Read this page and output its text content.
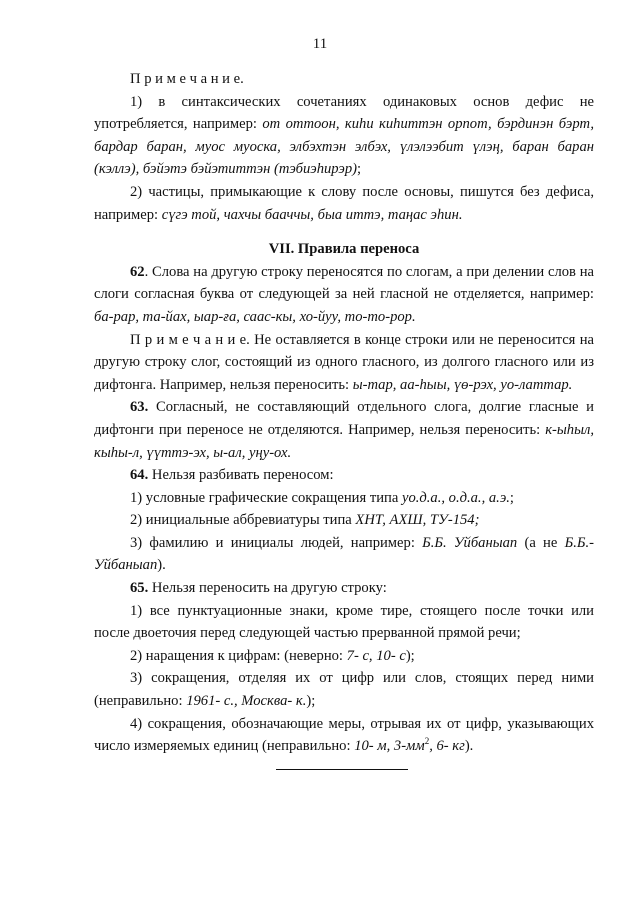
11

П р и м е ч а н и е.

1) в синтаксических сочетаниях одинаковых основ дефис не употребляется, например: от оттоон, киhи киhиттэн орпот, бэрдинэн бэрт, бардар баран, муос муоска, элбэхтэн элбэх, үлэлээбит үлэң, баран баран (кэллэ), бэйэтэ бэйэтиттэн (тэбиэhирэр);

2) частицы, примыкающие к слову после основы, пишутся без дефиса, например: сүгэ той, чахчы бааччы, быа иттэ, таңас эһин.

VII. Правила переноса

62. Слова на другую строку переносятся по слогам, а при делении слов на слоги согласная буква от следующей за ней гласной не отделяется, например: ба-рар, та-йах, ыар-ға, саас-кы, хо-йуу, то-то-рор.

П р и м е ч а н и е. Не оставляется в конце строки или не переносится на другую строку слог, состоящий из одного гласного, из долгого гласного или из дифтонга. Например, нельзя переносить: ы-тар, аа-hыы, үө-рэх, уо-латтар.

63. Согласный, не составляющий отдельного слога, долгие гласные и дифтонги при переносе не отделяются. Например, нельзя переносить: к-ыhыл, кыhы-л, үүттэ-эх, ы-ал, уңу-ох.

64. Нельзя разбивать переносом:

1) условные графические сокращения типа уо.д.а., о.д.а., а.э.;

2) инициальные аббревиатуры типа ХНТ, АХШ, ТУ-154;

3) фамилию и инициалы людей, например: Б.Б. Уйбаныап (а не Б.Б.-Уйбаныап).

65. Нельзя переносить на другую строку:

1) все пунктуационные знаки, кроме тире, стоящего после точки или после двоеточия перед следующей частью прерванной прямой речи;

2) наращения к цифрам: (неверно: 7- с, 10- с);

3) сокращения, отделяя их от цифр или слов, стоящих перед ними (неправильно: 1961- с., Москва- к.);

4) сокращения, обозначающие меры, отрывая их от цифр, указывающих число измеряемых единиц (неправильно: 10- м, $3-мм^2$, 6- кг).
